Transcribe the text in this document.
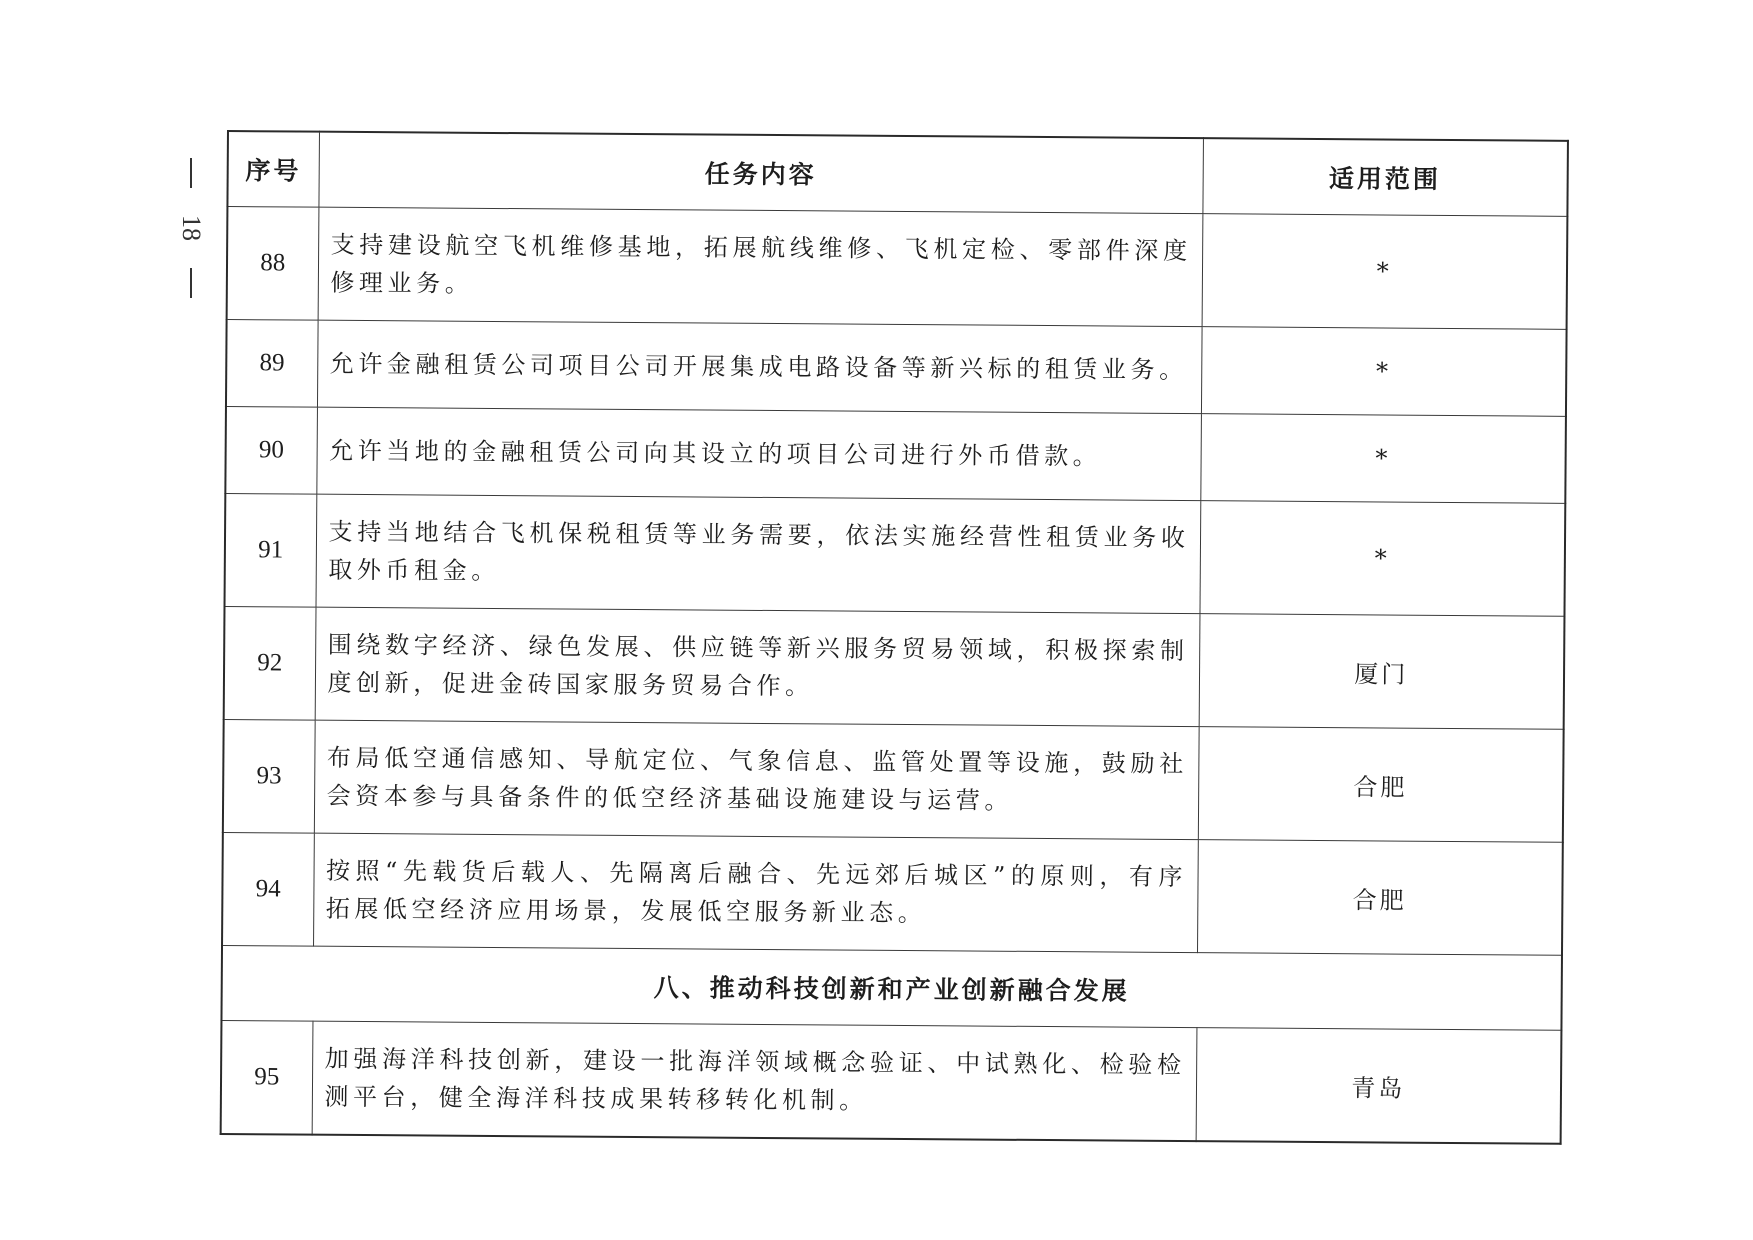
18
序号	任务内容	适用范围
88	支持建设航空飞机维修基地，拓展航线维修、飞机定检、零部件深度修理业务。	*
89	允许金融租赁公司项目公司开展集成电路设备等新兴标的租赁业务。	*
90	允许当地的金融租赁公司向其设立的项目公司进行外币借款。	*
91	支持当地结合飞机保税租赁等业务需要，依法实施经营性租赁业务收取外币租金。	*
92	围绕数字经济、绿色发展、供应链等新兴服务贸易领域，积极探索制度创新，促进金砖国家服务贸易合作。	厦门
93	布局低空通信感知、导航定位、气象信息、监管处置等设施，鼓励社会资本参与具备条件的低空经济基础设施建设与运营。	合肥
94	按照“先载货后载人、先隔离后融合、先远郊后城区”的原则，有序拓展低空经济应用场景，发展低空服务新业态。	合肥
八、推动科技创新和产业创新融合发展		
95	加强海洋科技创新，建设一批海洋领域概念验证、中试熟化、检验检测平台，健全海洋科技成果转移转化机制。	青岛
